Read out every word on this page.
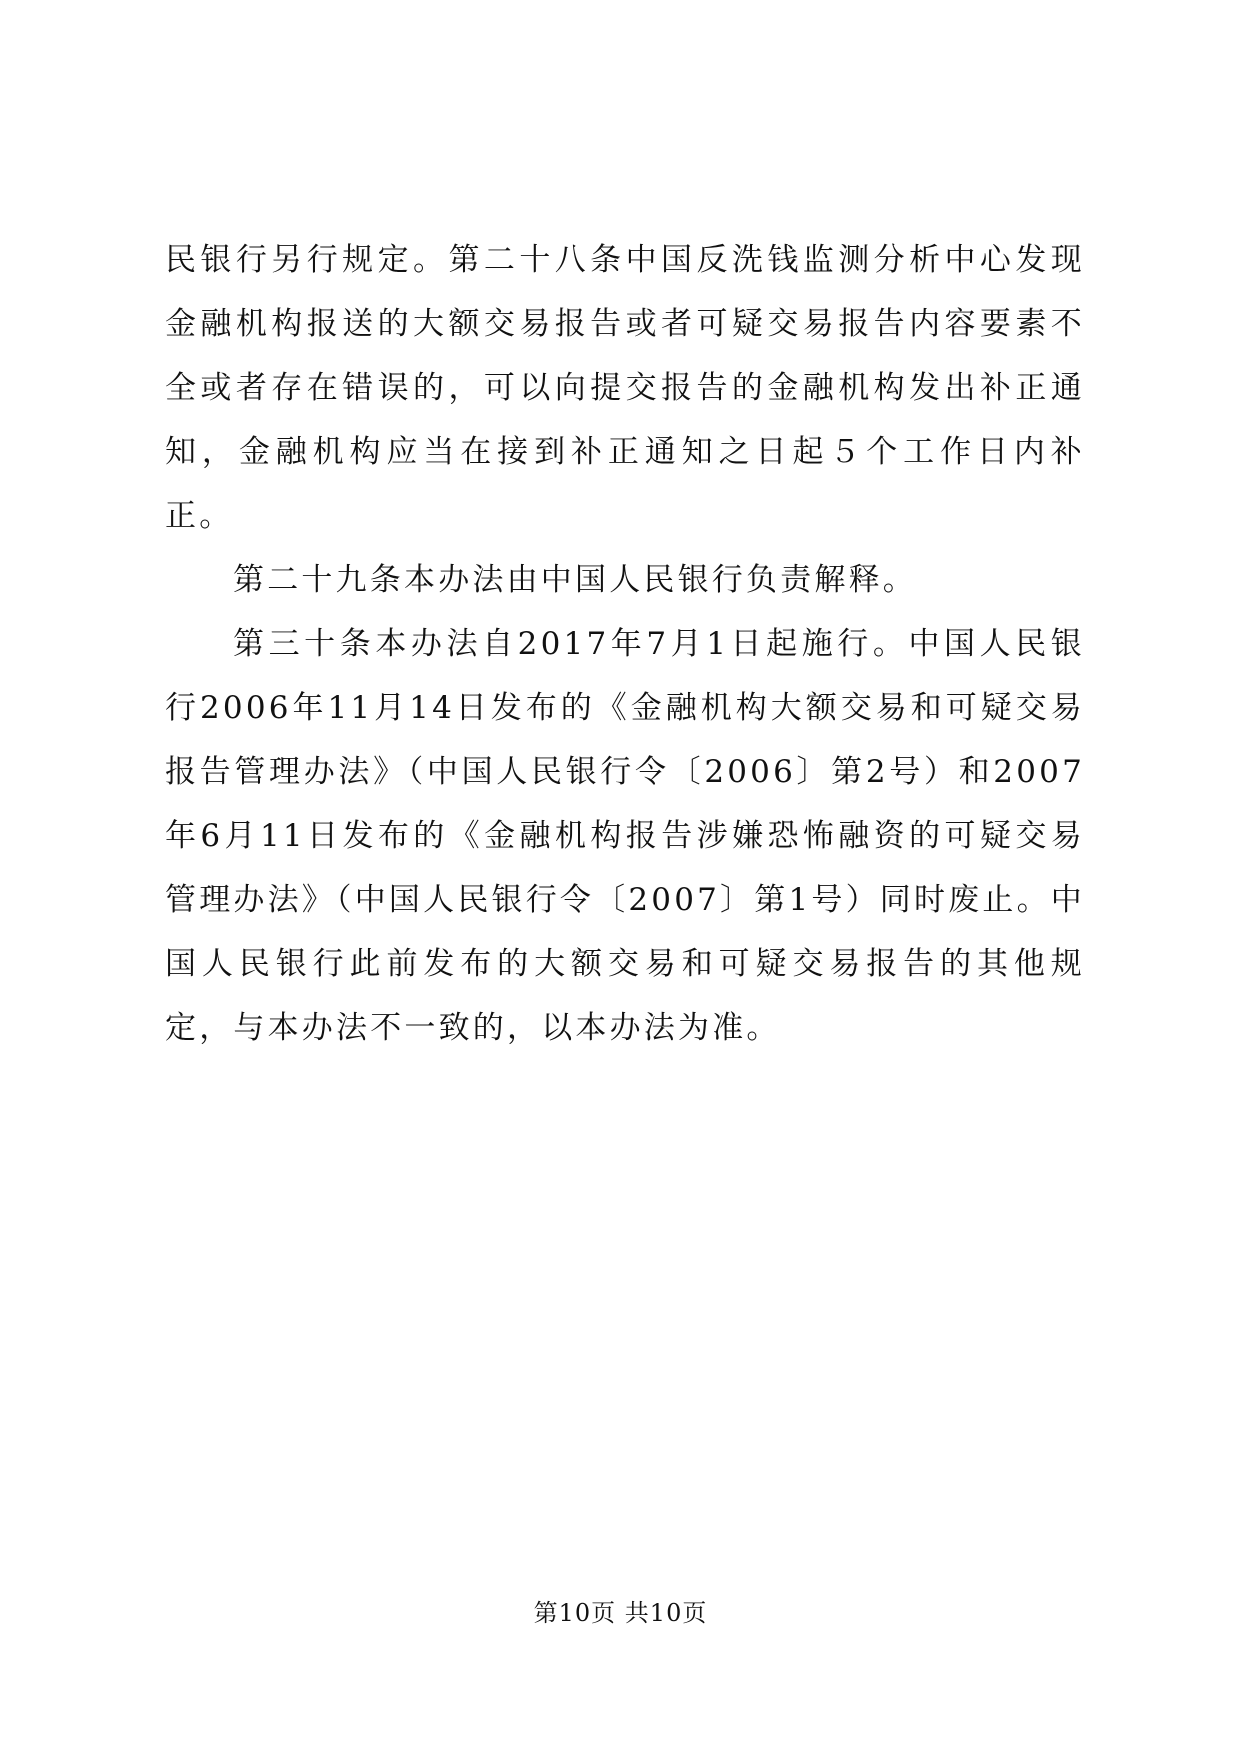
民银行另行规定。第二十八条中国反洗钱监测分析中心发现金融机构报送的大额交易报告或者可疑交易报告内容要素不全或者存在错误的，可以向提交报告的金融机构发出补正通知，金融机构应当在接到补正通知之日起５个工作日内补正。

第二十九条本办法由中国人民银行负责解释。

第三十条本办法自2017年7月1日起施行。中国人民银行2006年11月14日发布的《金融机构大额交易和可疑交易报告管理办法》（中国人民银行令〔2006〕第2号）和2007年6月11日发布的《金融机构报告涉嫌恐怖融资的可疑交易管理办法》（中国人民银行令〔2007〕第1号）同时废止。中国人民银行此前发布的大额交易和可疑交易报告的其他规定，与本办法不一致的，以本办法为准。

第10页 共10页
